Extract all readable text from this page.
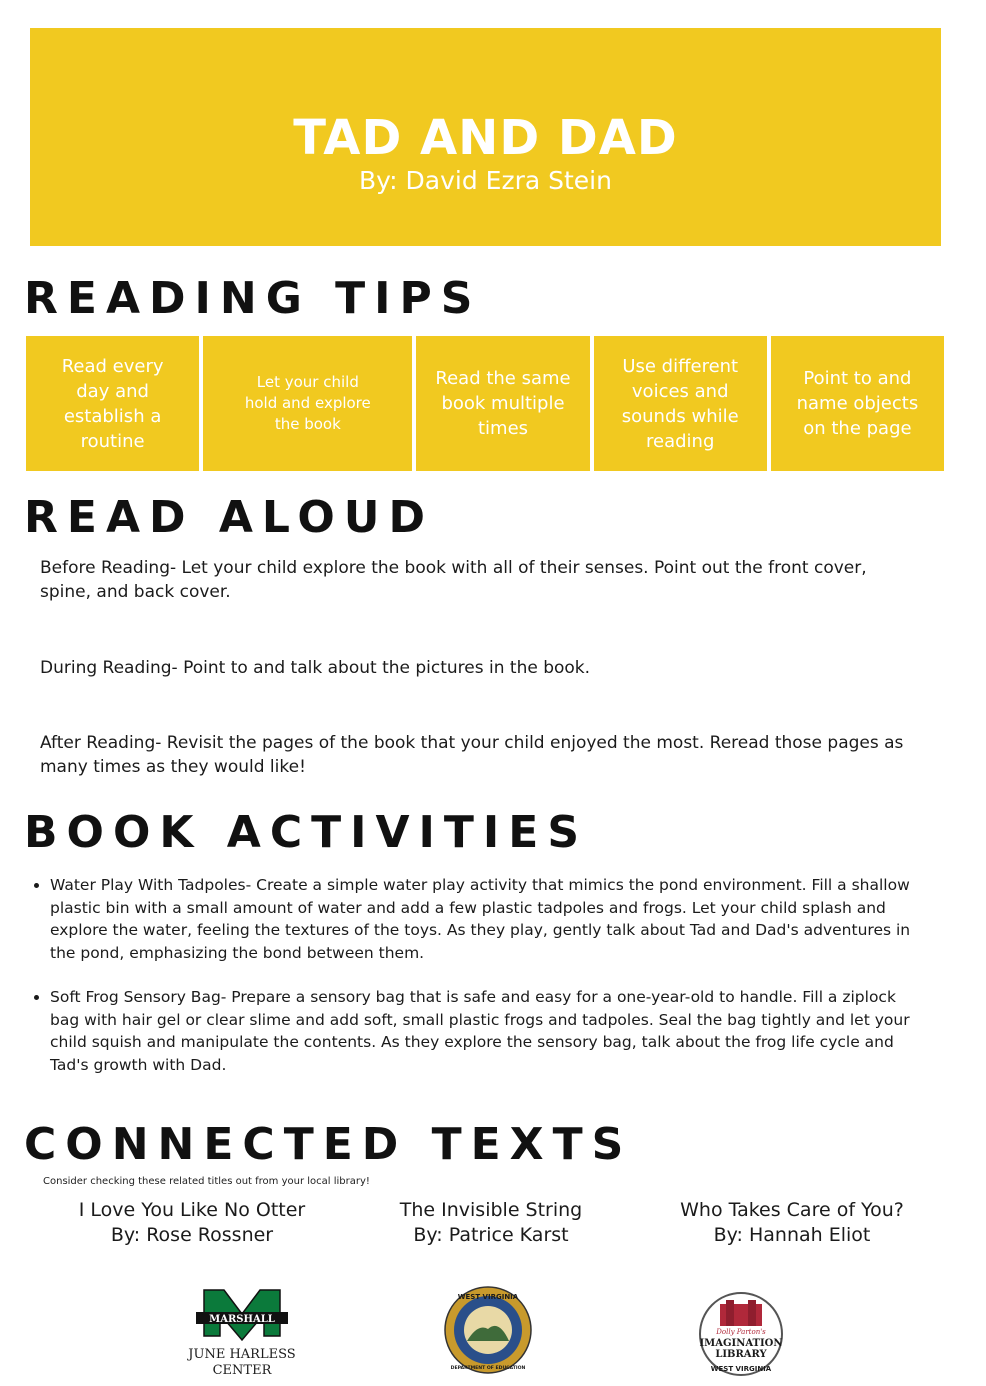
TAD AND DAD
By: David Ezra Stein
READING TIPS
Read every day and establish a routine
Let your child hold and explore the book
Read the same book multiple times
Use different voices and sounds while reading
Point to and name objects on the page
READ ALOUD

Before Reading- Let your child explore the book with all of their senses. Point out the front cover, spine, and back cover.

During Reading- Point to and talk about the pictures in the book.

After Reading- Revisit the pages of the book that your child enjoyed the most. Reread those pages as many times as they would like!

BOOK ACTIVITIES
• Water Play With Tadpoles- Create a simple water play activity that mimics the pond environment. Fill a shallow plastic bin with a small amount of water and add a few plastic tadpoles and frogs. Let your child splash and explore the water, feeling the textures of the toys. As they play, gently talk about Tad and Dad's adventures in the pond, emphasizing the bond between them.
• Soft Frog Sensory Bag- Prepare a sensory bag that is safe and easy for a one-year-old to handle. Fill a ziplock bag with hair gel or clear slime and add soft, small plastic frogs and tadpoles. Seal the bag tightly and let your child squish and manipulate the contents. As they explore the sensory bag, talk about the frog life cycle and Tad's growth with Dad.
CONNECTED TEXTS
Consider checking these related titles out from your local library!
I Love You Like No Otter
By: Rose Rossner
The Invisible String
By: Patrice Karst
Who Takes Care of You?
By: Hannah Eliot
MARSHALL
JUNE HARLESS
CENTER
WEST VIRGINIA
DEPARTMENT OF EDUCATION
Dolly Parton's
IMAGINATION
LIBRARY
WEST VIRGINIA
